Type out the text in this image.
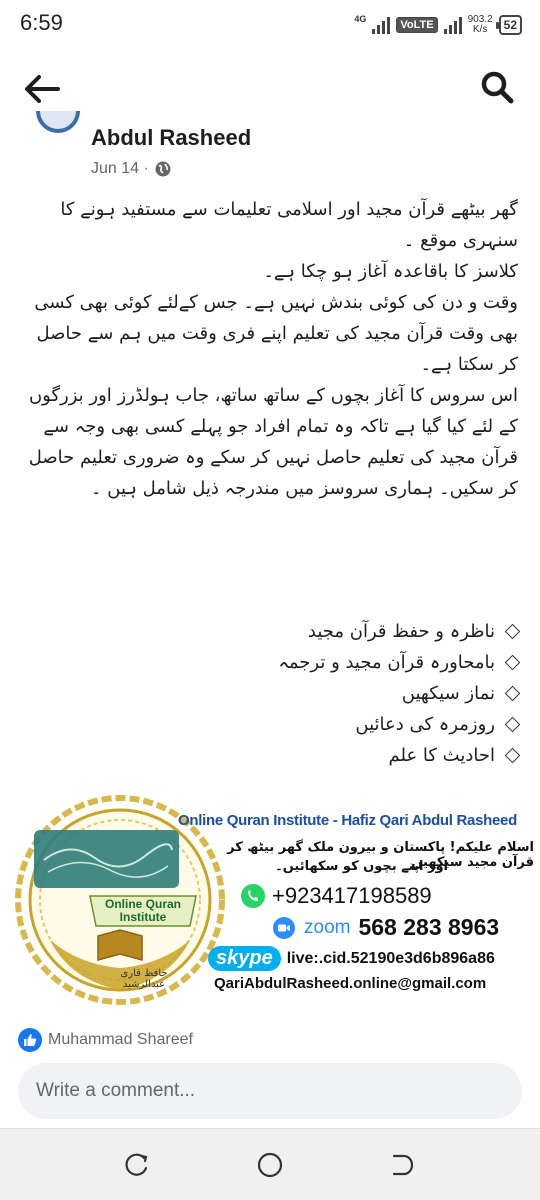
6:59	4G	VoLTE	903.2
K/s	52
Abdul Rasheed
Jun 14 ·

گھر بیٹھے قرآن مجید اور اسلامی تعلیمات سے مستفید ہونے کا سنہری موقع ۔

کلاسز کا باقاعدہ آغاز ہو چکا ہے۔

وقت و دن کی کوئی بندش نہیں ہے۔ جس کےلئے کوئی بھی کسی بھی وقت قرآن مجید کی تعلیم اپنے فری وقت میں ہم سے حاصل کر سکتا ہے۔

اس سروس کا آغاز بچوں کے ساتھ ساتھ، جاب ہولڈرز اور بزرگوں کے لئے کیا گیا ہے تاکہ وہ تمام افراد جو پہلے کسی بھی وجہ سے قرآن مجید کی تعلیم حاصل نہیں کر سکے وہ ضروری تعلیم حاصل کر سکیں۔ ہماری سروسز میں مندرجہ ذیل شامل ہیں ۔

ناظرہ و حفظ قرآن مجید
بامحاورہ قرآن مجید و ترجمہ
نماز سیکھیں
روزمرہ کی دعائیں
احادیث کا علم
Online Quran Institute
حافظ قاری عبدالرشید
Online Quran Institute - Hafiz Qari Abdul Rasheed
اسلام علیکم! پاکستان و بیرون ملک گھر بیٹھ کر قرآن مجید سیکھیں
اور اپنے بچوں کو سکھائیں۔
+923417198589
zoom 568 283 8963
skype live:.cid.52190e3d6b896a86
QariAbdulRasheed.online@gmail.com
Muhammad Shareef
Write a comment...
